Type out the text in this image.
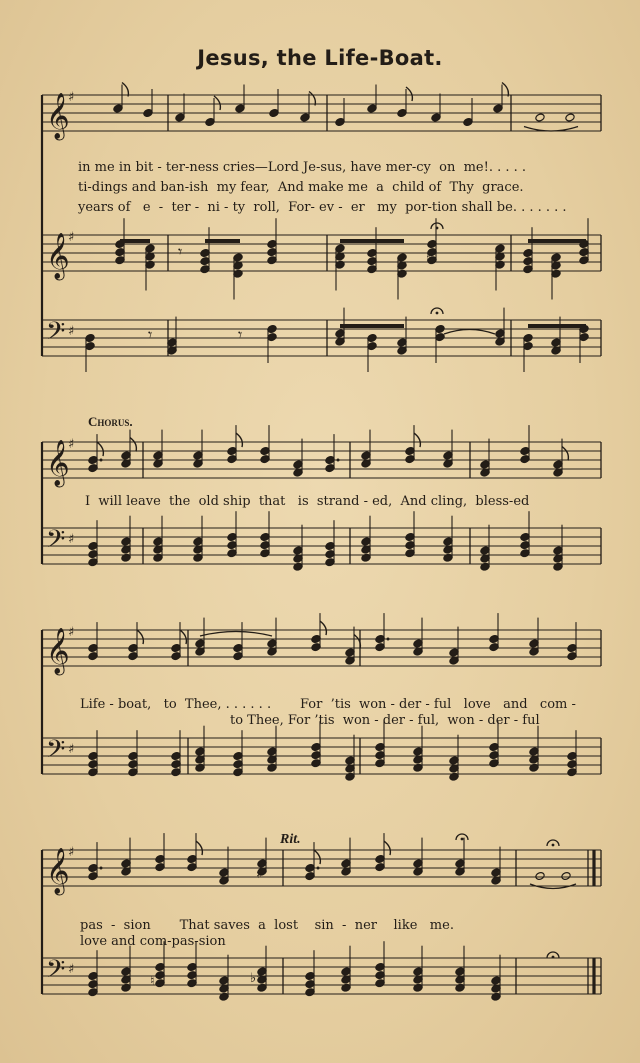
Jesus, the Life-Boat.
𝄞
♯
𝄞
♯
𝄢 ♯
♮
𝄾
𝄾	𝄾
𝄞
♯
𝄢 ♯
𝄞
♯
𝄢 ♯
𝄞
♯
𝄢 ♯
♯
♮	♭♯
in me in bit - ter-ness cries—Lord Je-sus, have mer-cy  on  me!. . . . .
ti-dings and ban-ish  my fear,  And make me  a  child of  Thy  grace.
years of   e  -  ter -  ni - ty  roll,  For- ev -  er   my  por-tion shall be. . . . . . .
Chorus.
I  will leave  the  old ship  that   is  strand - ed,  And cling,  bless-ed
Life - boat,   to  Thee, . . . . . .       For  ’tis  won - der - ful   love   and   com -
to Thee, For ’tis  won - der - ful,  won - der - ful
Rit.
pas  -  sion       That saves  a  lost    sin  -  ner    like   me.
love and com-pas-sion
